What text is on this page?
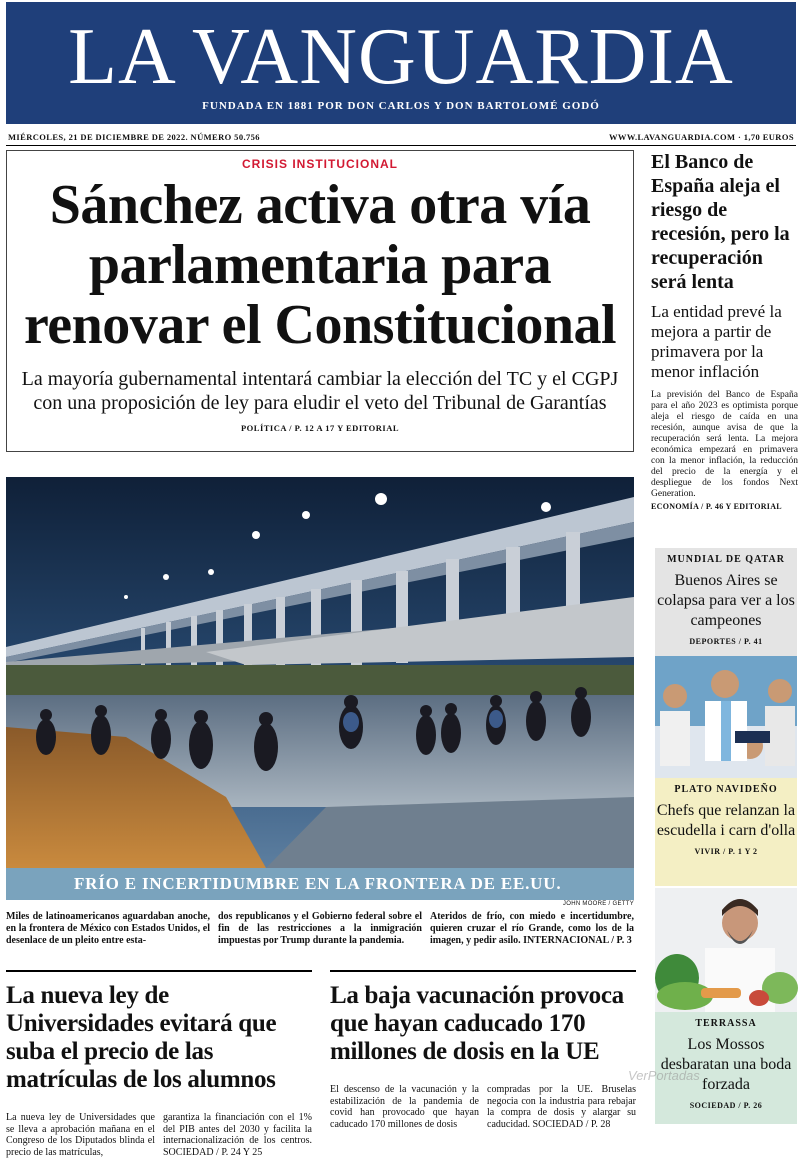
LA VANGUARDIA
FUNDADA EN 1881 POR DON CARLOS Y DON BARTOLOMÉ GODÓ
MIÉRCOLES, 21 DE DICIEMBRE DE 2022. NÚMERO 50.756	WWW.LAVANGUARDIA.COM · 1,70 EUROS
CRISIS INSTITUCIONAL
Sánchez activa otra vía parlamentaria para renovar el Constitucional

La mayoría gubernamental intentará cambiar la elección del TC y el CGPJ con una proposición de ley para eludir el veto del Tribunal de Garantías

POLÍTICA / P. 12 A 17 Y EDITORIAL
El Banco de España aleja el riesgo de recesión, pero la recuperación será lenta

La entidad prevé la mejora a partir de primavera por la menor inflación

La previsión del Banco de España para el año 2023 es optimista porque aleja el riesgo de caída en una recesión, aunque avisa de que la recuperación será lenta. La mejora económica empezará en primavera con la menor inflación, la reducción del precio de la energía y el despliegue de los fondos Next Generation.

ECONOMÍA / P. 46 Y EDITORIAL
FRÍO E INCERTIDUMBRE EN LA FRONTERA DE EE.UU.
JOHN MOORE / GETTY
Miles de latinoamericanos aguardaban anoche, en la frontera de México con Estados Unidos, el desenlace de un pleito entre esta-
dos republicanos y el Gobierno federal sobre el fin de las restricciones a la inmigración impuestas por Trump durante la pandemia.
Ateridos de frío, con miedo e incertidumbre, quieren cruzar el río Grande, como los de la imagen, y pedir asilo. INTERNACIONAL / P. 3
La nueva ley de Universidades evitará que suba el precio de las matrículas de los alumnos
La nueva ley de Universidades que se lleva a aprobación mañana en el Congreso de los Diputados blinda el precio de las matrículas,
garantiza la financiación con el 1% del PIB antes del 2030 y facilita la internacionalización de los centros. SOCIEDAD / P. 24 Y 25
La baja vacunación provoca que hayan caducado 170 millones de dosis en la UE
El descenso de la vacunación y la estabilización de la pandemia de covid han provocado que hayan caducado 170 millones de dosis
compradas por la UE. Bruselas negocia con la industria para rebajar la compra de dosis y alargar su caducidad. SOCIEDAD / P. 28
MUNDIAL DE QATAR
Buenos Aires se colapsa para ver a los campeones
DEPORTES / P. 41
PLATO NAVIDEÑO
Chefs que relanzan la escudella i carn d'olla
VIVIR / P. 1 Y 2
TERRASSA
Los Mossos desbaratan una boda forzada
SOCIEDAD / P. 26
VerPortadas
